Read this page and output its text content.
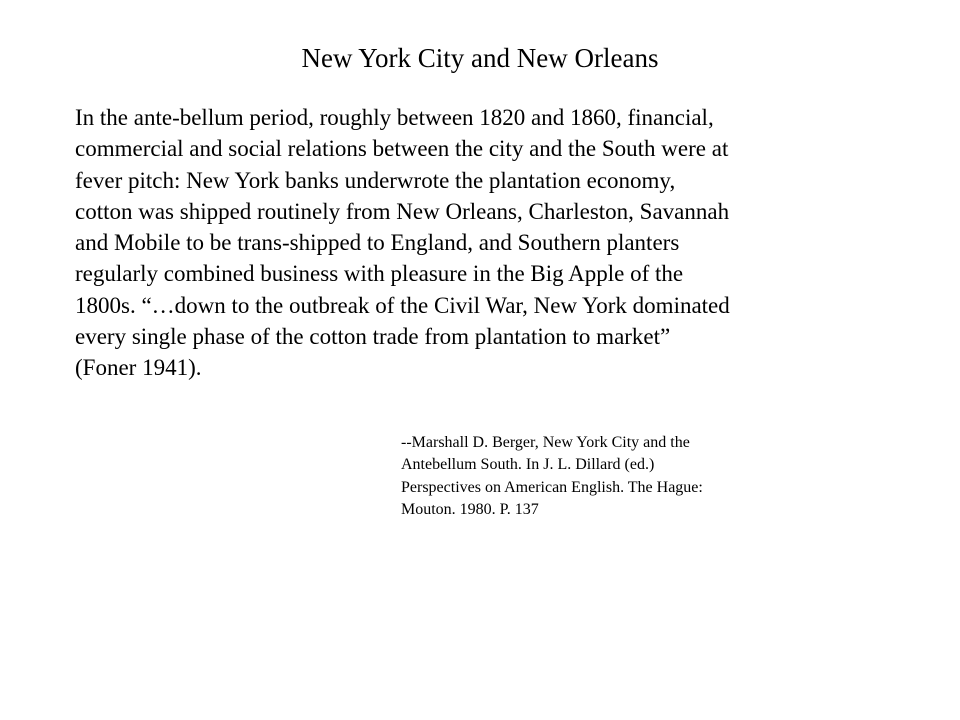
New York City and New Orleans
In the ante-bellum period, roughly between 1820 and 1860, financial,
commercial and social relations between the city and the South were at
fever pitch: New York banks underwrote the plantation economy,
cotton was shipped routinely from New Orleans, Charleston, Savannah
and Mobile to be trans-shipped to England, and Southern planters
regularly combined business with pleasure in the Big Apple of the
1800s. “…down to the outbreak of the Civil War, New York dominated
every single phase of the cotton trade from plantation to market”
(Foner 1941).
--Marshall D. Berger, New York City and the
Antebellum South. In J. L. Dillard (ed.)
Perspectives on American English. The Hague:
Mouton. 1980. P. 137
